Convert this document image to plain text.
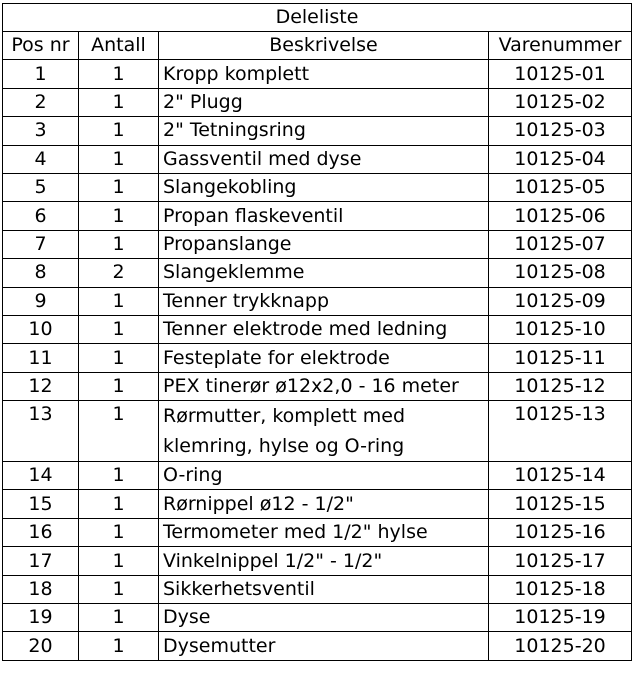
Deleliste			
Pos nr	Antall	Beskrivelse	Varenummer
1	1	Kropp komplett	10125-01
2	1	2" Plugg	10125-02
3	1	2" Tetningsring	10125-03
4	1	Gassventil med dyse	10125-04
5	1	Slangekobling	10125-05
6	1	Propan flaskeventil	10125-06
7	1	Propanslange	10125-07
8	2	Slangeklemme	10125-08
9	1	Tenner trykknapp	10125-09
10	1	Tenner elektrode med ledning	10125-10
11	1	Festeplate for elektrode	10125-11
12	1	PEX tinerør ø12x2,0 - 16 meter	10125-12
13	1	Rørmutter, komplett med klemring, hylse og O-ring	10125-13
14	1	O-ring	10125-14
15	1	Rørnippel ø12 - 1/2"	10125-15
16	1	Termometer med 1/2" hylse	10125-16
17	1	Vinkelnippel 1/2" - 1/2"	10125-17
18	1	Sikkerhetsventil	10125-18
19	1	Dyse	10125-19
20	1	Dysemutter	10125-20
